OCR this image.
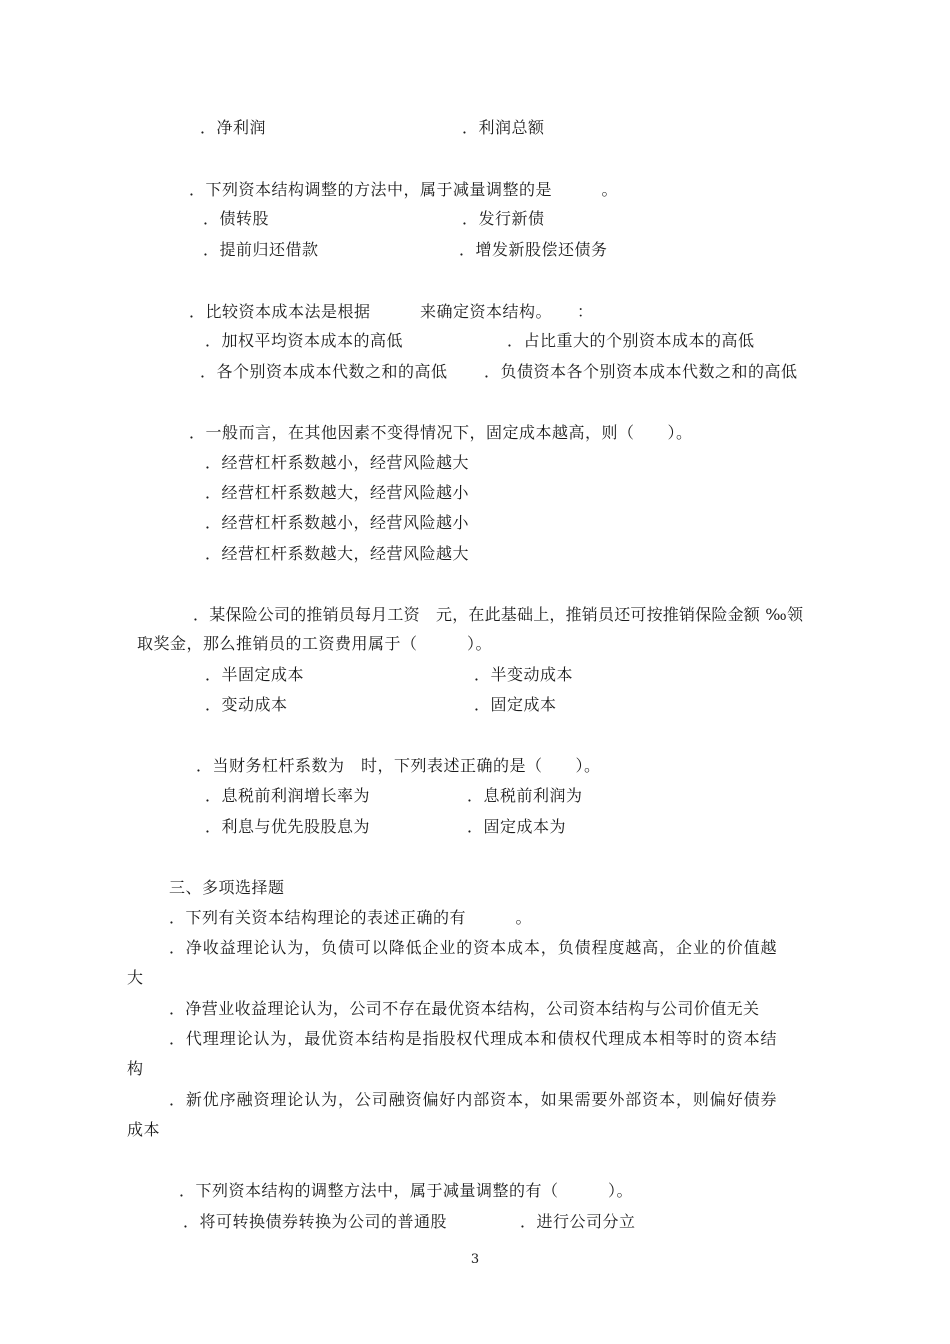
．净利润	．利润总额
．下列资本结构调整的方法中，属于减量调整的是　　　。
．债转股	．发行新债
．提前归还借款	．增发新股偿还债务
．比较资本成本法是根据　　　来确定资本结构。　　：
．加权平均资本成本的高低	．占比重大的个别资本成本的高低
．各个别资本成本代数之和的高低 ．负债资本各个别资本成本代数之和的高低
．一般而言，在其他因素不变得情况下，固定成本越高，则（　　）。
．经营杠杆系数越小，经营风险越大
．经营杠杆系数越大，经营风险越小
．经营杠杆系数越小，经营风险越小
．经营杠杆系数越大，经营风险越大
．某保险公司的推销员每月工资　元，在此基础上，推销员还可按推销保险金额 ‰领
取奖金，那么推销员的工资费用属于（　　　）。
．半固定成本	．半变动成本
．变动成本	．固定成本
．当财务杠杆系数为　时，下列表述正确的是（　　）。
．息税前利润增长率为	．息税前利润为
．利息与优先股股息为	．固定成本为
三、多项选择题
．下列有关资本结构理论的表述正确的有　　　。
．净收益理论认为，负债可以降低企业的资本成本，负债程度越高，企业的价值越
大
．净营业收益理论认为，公司不存在最优资本结构，公司资本结构与公司价值无关
．代理理论认为，最优资本结构是指股权代理成本和债权代理成本相等时的资本结
构
．新优序融资理论认为，公司融资偏好内部资本，如果需要外部资本，则偏好债券
成本
．下列资本结构的调整方法中，属于减量调整的有（　　　）。
．将可转换债券转换为公司的普通股	．进行公司分立
3
